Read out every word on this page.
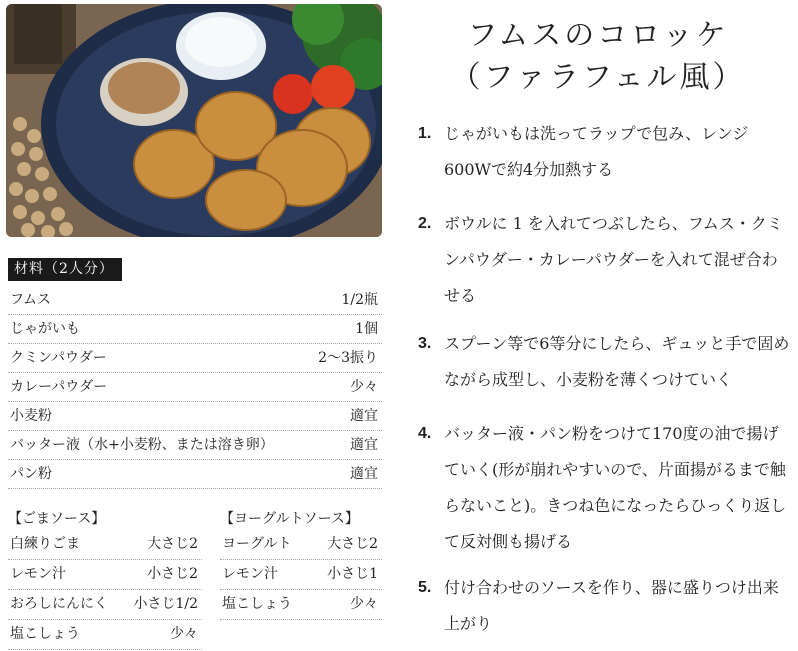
材料（2人分）
フムス	1/2瓶
じゃがいも	1個
クミンパウダー	2〜3振り
カレーパウダー	少々
小麦粉	適宜
バッター液（水+小麦粉、または溶き卵）	適宜
パン粉	適宜
【ごまソース】
白練りごま	大さじ2
レモン汁	小さじ2
おろしにんにく 小さじ1/2
塩こしょう	少々
【ヨーグルトソース】
ヨーグルト	大さじ2
レモン汁	小さじ1
塩こしょう	少々
フムスのコロッケ
（ファラフェル風）
1. じゃがいもは洗ってラップで包み、レンジ600Wで約4分加熱する
2. ボウルに 1 を入れてつぶしたら、フムス・クミンパウダー・カレーパウダーを入れて混ぜ合わせる
3. スプーン等で6等分にしたら、ギュッと手で固めながら成型し、小麦粉を薄くつけていく
4. バッター液・パン粉をつけて170度の油で揚げていく(形が崩れやすいので、片面揚がるまで触らないこと)。きつね色になったらひっくり返して反対側も揚げる
5. 付け合わせのソースを作り、器に盛りつけ出来上がり
